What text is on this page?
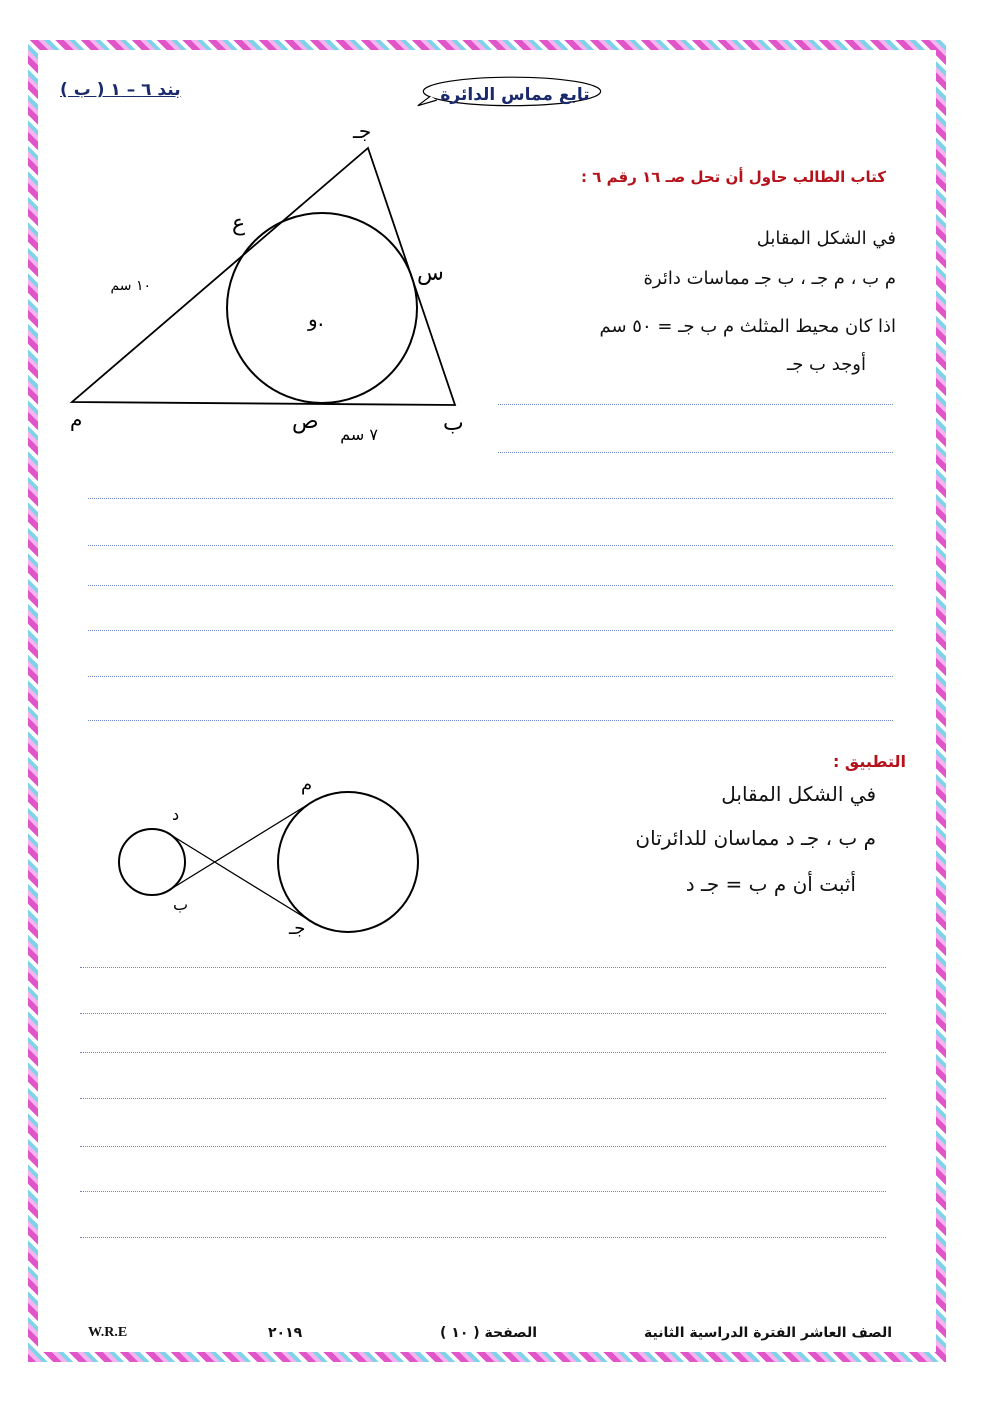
بند ٦ – ١ ( ب )	تابع مماس الدائرة
جـ
ع
س
و.
ص
ﻡ	ب
١٠ سم
٧ سم
كتاب الطالب حاول أن تحل صـ ١٦ رقم ٦ :
في الشكل المقابل
ﻡ ب ، ﻡ جـ ، ب جـ مماسات دائرة
اذا كان محيط المثلث ﻡ ب جـ = ٥٠ سم
أوجد ب جـ
التطبيق :
في الشكل المقابل
ﻡ ب ، جـ د مماسان للدائرتان
أثبت أن ﻡ ب = جـ د
ﻡ
د
ب
جـ
الصف العاشر الفترة الدراسية الثانية
الصفحة ( ١٠ )
٢٠١٩
W.R.E
